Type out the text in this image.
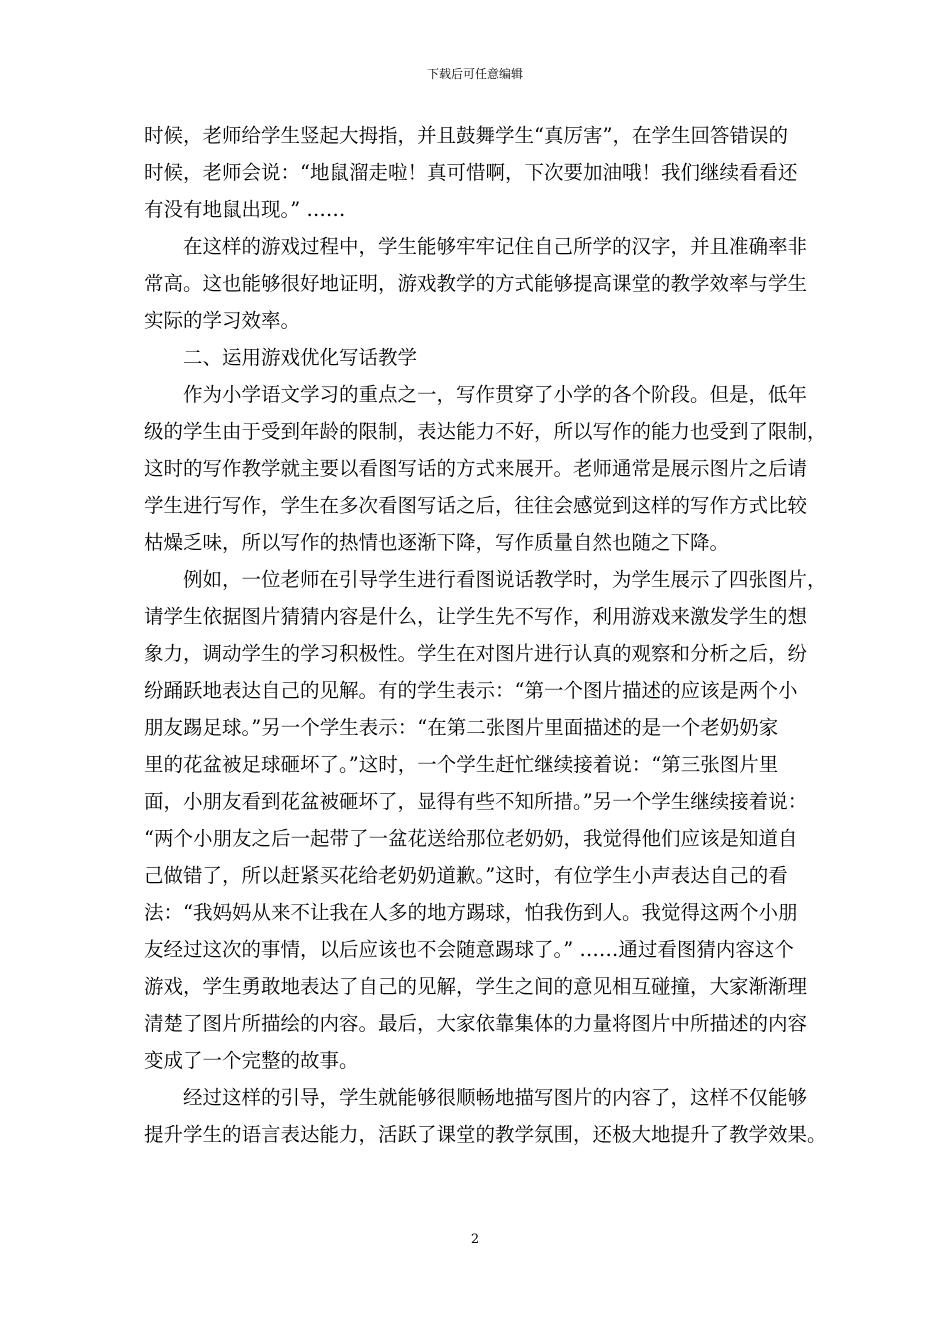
下载后可任意编辑
时候，老师给学生竖起大拇指，并且鼓舞学生“真厉害”，在学生回答错误的
时候，老师会说：“地鼠溜走啦！真可惜啊，下次要加油哦！我们继续看看还
有没有地鼠出现。” ……
在这样的游戏过程中，学生能够牢牢记住自己所学的汉字，并且准确率非
常高。这也能够很好地证明，游戏教学的方式能够提高课堂的教学效率与学生
实际的学习效率。
二、运用游戏优化写话教学
作为小学语文学习的重点之一，写作贯穿了小学的各个阶段。但是，低年
级的学生由于受到年龄的限制，表达能力不好，所以写作的能力也受到了限制，
这时的写作教学就主要以看图写话的方式来展开。老师通常是展示图片之后请
学生进行写作，学生在多次看图写话之后，往往会感觉到这样的写作方式比较
枯燥乏味，所以写作的热情也逐渐下降，写作质量自然也随之下降。
例如，一位老师在引导学生进行看图说话教学时，为学生展示了四张图片，
请学生依据图片猜猜内容是什么，让学生先不写作，利用游戏来激发学生的想
象力，调动学生的学习积极性。学生在对图片进行认真的观察和分析之后，纷
纷踊跃地表达自己的见解。有的学生表示：“第一个图片描述的应该是两个小
朋友踢足球。”另一个学生表示：“在第二张图片里面描述的是一个老奶奶家
里的花盆被足球砸坏了。”这时，一个学生赶忙继续接着说：“第三张图片里
面，小朋友看到花盆被砸坏了，显得有些不知所措。”另一个学生继续接着说：
“两个小朋友之后一起带了一盆花送给那位老奶奶，我觉得他们应该是知道自
己做错了，所以赶紧买花给老奶奶道歉。”这时，有位学生小声表达自己的看
法：“我妈妈从来不让我在人多的地方踢球，怕我伤到人。我觉得这两个小朋
友经过这次的事情，以后应该也不会随意踢球了。” ……通过看图猜内容这个
游戏，学生勇敢地表达了自己的见解，学生之间的意见相互碰撞，大家渐渐理
清楚了图片所描绘的内容。最后，大家依靠集体的力量将图片中所描述的内容
变成了一个完整的故事。
经过这样的引导，学生就能够很顺畅地描写图片的内容了，这样不仅能够
提升学生的语言表达能力，活跃了课堂的教学氛围，还极大地提升了教学效果。
2
